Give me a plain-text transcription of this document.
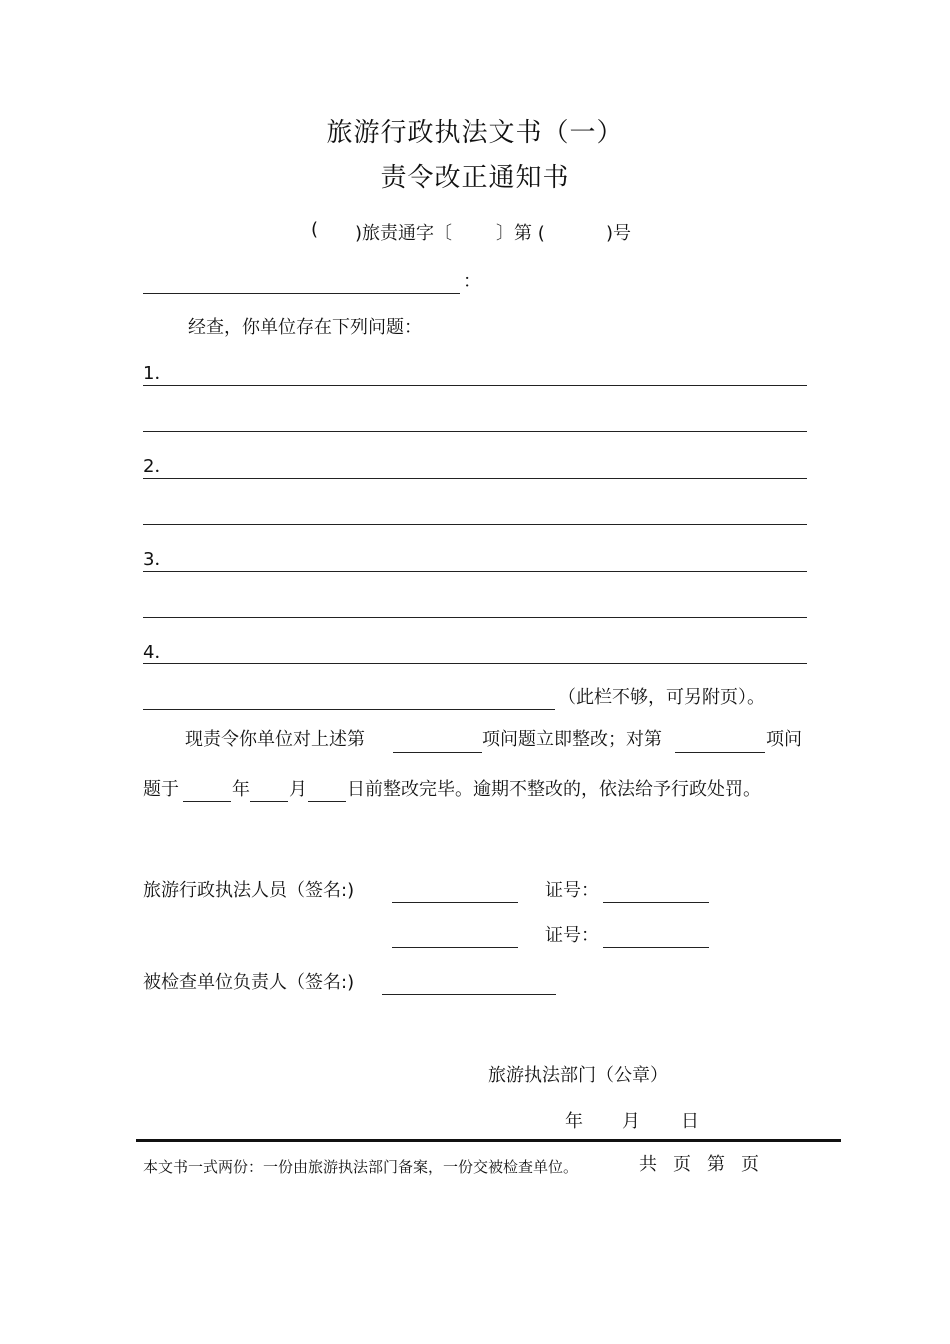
旅游行政执法文书（一）
责令改正通知书
( )旅责通字〔 〕第 (	)号
：
经查，你单位存在下列问题：
1．
2．
3．
4．
（此栏不够，可另附页）。
现责令你单位对上述第	项问题立即整改；对第	项问
题于	年 月 日前整改完毕。逾期不整改的，依法给予行政处罚。
旅游行政执法人员（签名:)	证号：
证号：
被检查单位负责人（签名:)
旅游执法部门（公章）
年 月 日
本文书一式两份：一份由旅游执法部门备案，一份交被检查单位。	共 页 第 页
